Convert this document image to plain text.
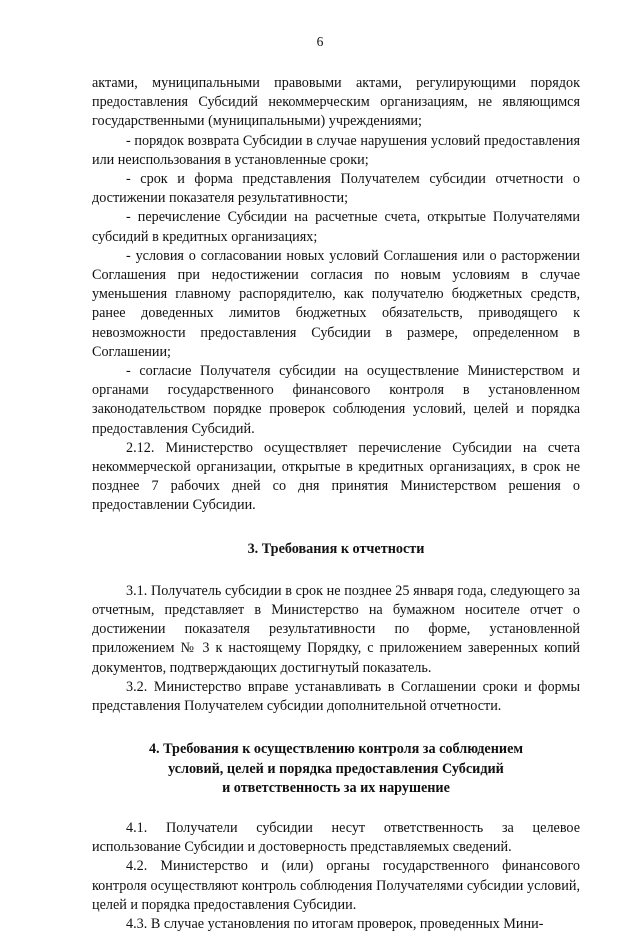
6

актами, муниципальными правовыми актами, регулирующими порядок предоставления Субсидий некоммерческим организациям, не являющимся государственными (муниципальными) учреждениями;

- порядок возврата Субсидии в случае нарушения условий предоставления или неиспользования в установленные сроки;

- срок и форма представления Получателем субсидии отчетности о достижении показателя результативности;

- перечисление Субсидии на расчетные счета, открытые Получателями субсидий в кредитных организациях;

- условия о согласовании новых условий Соглашения или о расторжении Соглашения при недостижении согласия по новым условиям в случае уменьшения главному распорядителю, как получателю бюджетных средств, ранее доведенных лимитов бюджетных обязательств, приводящего к невозможности предоставления Субсидии в размере, определенном в Соглашении;

- согласие Получателя субсидии на осуществление Министерством и органами государственного финансового контроля в установленном законодательством порядке проверок соблюдения условий, целей и порядка предоставления Субсидий.

2.12. Министерство осуществляет перечисление Субсидии на счета некоммерческой организации, открытые в кредитных организациях, в срок не позднее 7 рабочих дней со дня принятия Министерством решения о предоставлении Субсидии.

3. Требования к отчетности

3.1. Получатель субсидии в срок не позднее 25 января года, следующего за отчетным, представляет в Министерство на бумажном носителе отчет о достижении показателя результативности по форме, установленной приложением № 3 к настоящему Порядку, с приложением заверенных копий документов, подтверждающих достигнутый показатель.

3.2. Министерство вправе устанавливать в Соглашении сроки и формы представления Получателем субсидии дополнительной отчетности.

4. Требования к осуществлению контроля за соблюдением
условий, целей и порядка предоставления Субсидий
и ответственность за их нарушение

4.1. Получатели субсидии несут ответственность за целевое использование Субсидии и достоверность представляемых сведений.

4.2. Министерство и (или) органы государственного финансового контроля осуществляют контроль соблюдения Получателями субсидии условий, целей и порядка предоставления Субсидии.

4.3. В случае установления по итогам проверок, проведенных Мини-
